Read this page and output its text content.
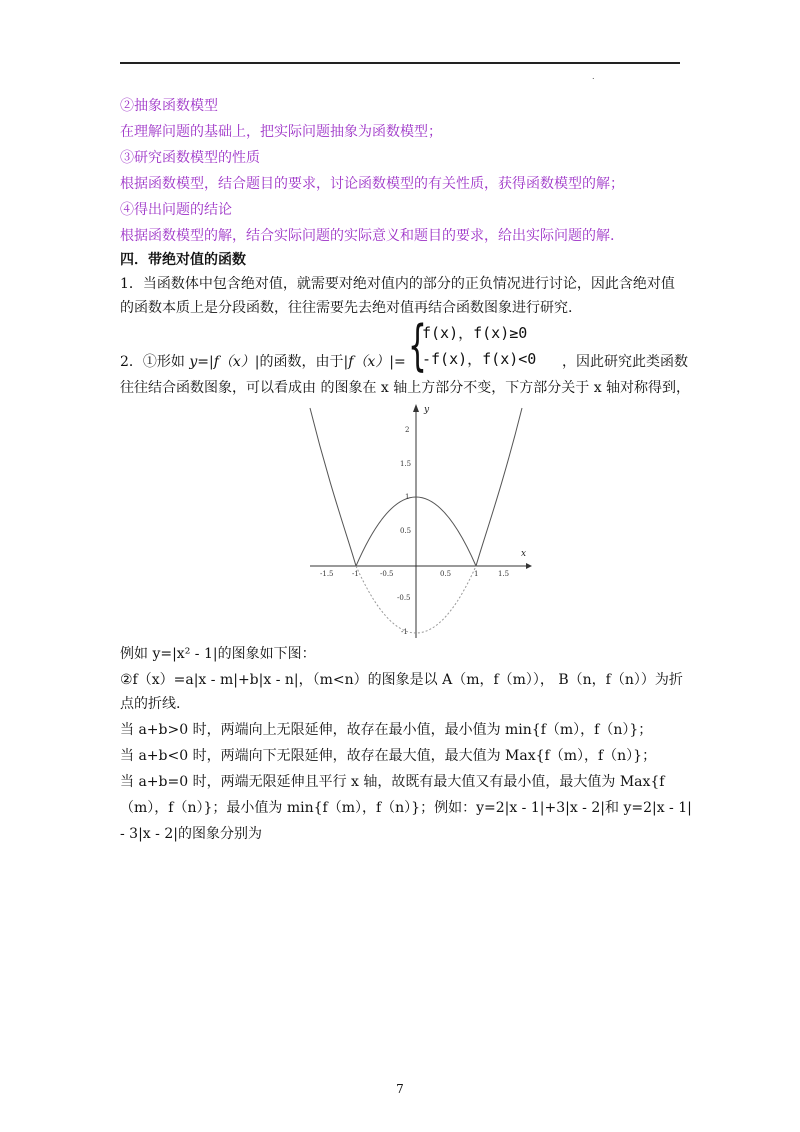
.
②抽象函数模型
在理解问题的基础上，把实际问题抽象为函数模型；
③研究函数模型的性质
根据函数模型，结合题目的要求，讨论函数模型的有关性质，获得函数模型的解；
④得出问题的结论
根据函数模型的解，结合实际问题的实际意义和题目的要求，给出实际问题的解.
四．带绝对值的函数
1．当函数体中包含绝对值，就需要对绝对值内的部分的正负情况进行讨论，因此含绝对值
的函数本质上是分段函数，往往需要先去绝对值再结合函数图象进行研究.
2．①形如 y=|f（x）|的函数，由于|f（x）|= {
f(x)，f(x)≥0
-f(x)，f(x)<0 ，因此研究此类函数
往往结合函数图象，可以看成由 的图象在 x 轴上方部分不变，下方部分关于 x 轴对称得到，
x
y
-1.5	-1	-0.5	0.5	1	1.5
2
1.5
1
0.5
-0.5
-1
例如 y=|x² - 1|的图象如下图：
②f（x）=a|x - m|+b|x - n|，（m<n）的图象是以 A（m，f（m））， B（n，f（n））为折
点的折线.
当 a+b>0 时，两端向上无限延伸，故存在最小值，最小值为 min{f（m），f（n）}；
当 a+b<0 时，两端向下无限延伸，故存在最大值，最大值为 Max{f（m），f（n）}；
当 a+b=0 时，两端无限延伸且平行 x 轴，故既有最大值又有最小值，最大值为 Max{f
（m），f（n）}；最小值为 min{f（m），f（n）}；例如：y=2|x - 1|+3|x - 2|和 y=2|x - 1|
- 3|x - 2|的图象分别为
7
